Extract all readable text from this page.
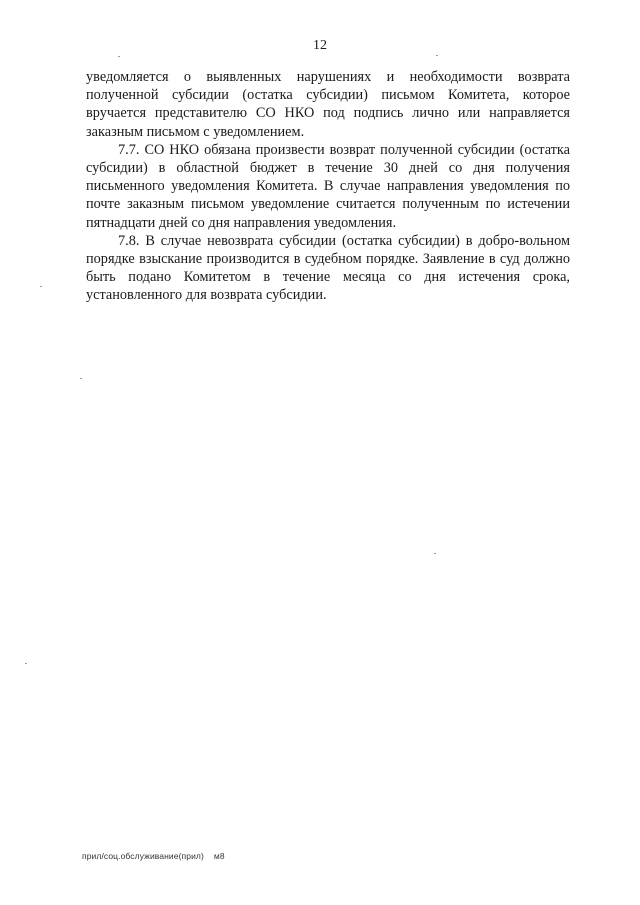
12

уведомляется о выявленных нарушениях и необходимости возврата полученной субсидии (остатка субсидии) письмом Комитета, которое вручается представителю СО НКО под подпись лично или направляется заказным письмом с уведомлением.

7.7. СО НКО обязана произвести возврат полученной субсидии (остатка субсидии) в областной бюджет в течение 30 дней со дня получения письменного уведомления Комитета. В случае направления уведомления по почте заказным письмом уведомление считается полученным по истечении пятнадцати дней со дня направления уведомления.

7.8. В случае невозврата субсидии (остатка субсидии) в добро-вольном порядке взыскание производится в судебном порядке. Заявление в суд должно быть подано Комитетом в течение месяца со дня истечения срока, установленного для возврата субсидии.

прил/соц.обслуживание(прил) м8
